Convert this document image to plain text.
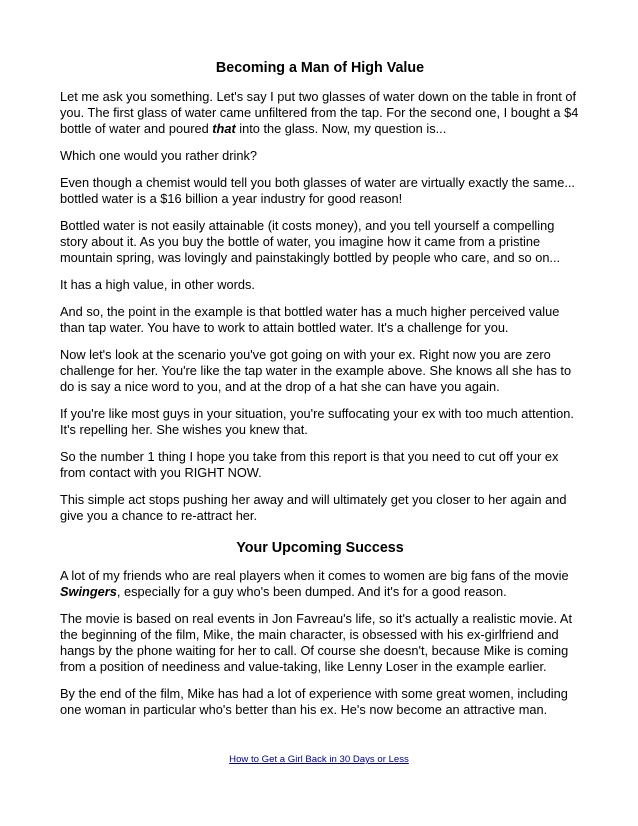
Becoming a Man of High Value

Let me ask you something. Let's say I put two glasses of water down on the table in front of you. The first glass of water came unfiltered from the tap. For the second one, I bought a $4 bottle of water and poured that into the glass. Now, my question is...

Which one would you rather drink?

Even though a chemist would tell you both glasses of water are virtually exactly the same... bottled water is a $16 billion a year industry for good reason!

Bottled water is not easily attainable (it costs money), and you tell yourself a compelling story about it. As you buy the bottle of water, you imagine how it came from a pristine mountain spring, was lovingly and painstakingly bottled by people who care, and so on...

It has a high value, in other words.

And so, the point in the example is that bottled water has a much higher perceived value than tap water. You have to work to attain bottled water. It's a challenge for you.

Now let's look at the scenario you've got going on with your ex. Right now you are zero challenge for her. You're like the tap water in the example above. She knows all she has to do is say a nice word to you, and at the drop of a hat she can have you again.

If you're like most guys in your situation, you're suffocating your ex with too much attention. It's repelling her. She wishes you knew that.

So the number 1 thing I hope you take from this report is that you need to cut off your ex from contact with you RIGHT NOW.

This simple act stops pushing her away and will ultimately get you closer to her again and give you a chance to re-attract her.

Your Upcoming Success

A lot of my friends who are real players when it comes to women are big fans of the movie Swingers, especially for a guy who's been dumped. And it's for a good reason.

The movie is based on real events in Jon Favreau's life, so it's actually a realistic movie. At the beginning of the film, Mike, the main character, is obsessed with his ex-girlfriend and hangs by the phone waiting for her to call. Of course she doesn't, because Mike is coming from a position of neediness and value-taking, like Lenny Loser in the example earlier.

By the end of the film, Mike has had a lot of experience with some great women, including one woman in particular who's better than his ex. He's now become an attractive man.

How to Get a Girl Back in 30 Days or Less
